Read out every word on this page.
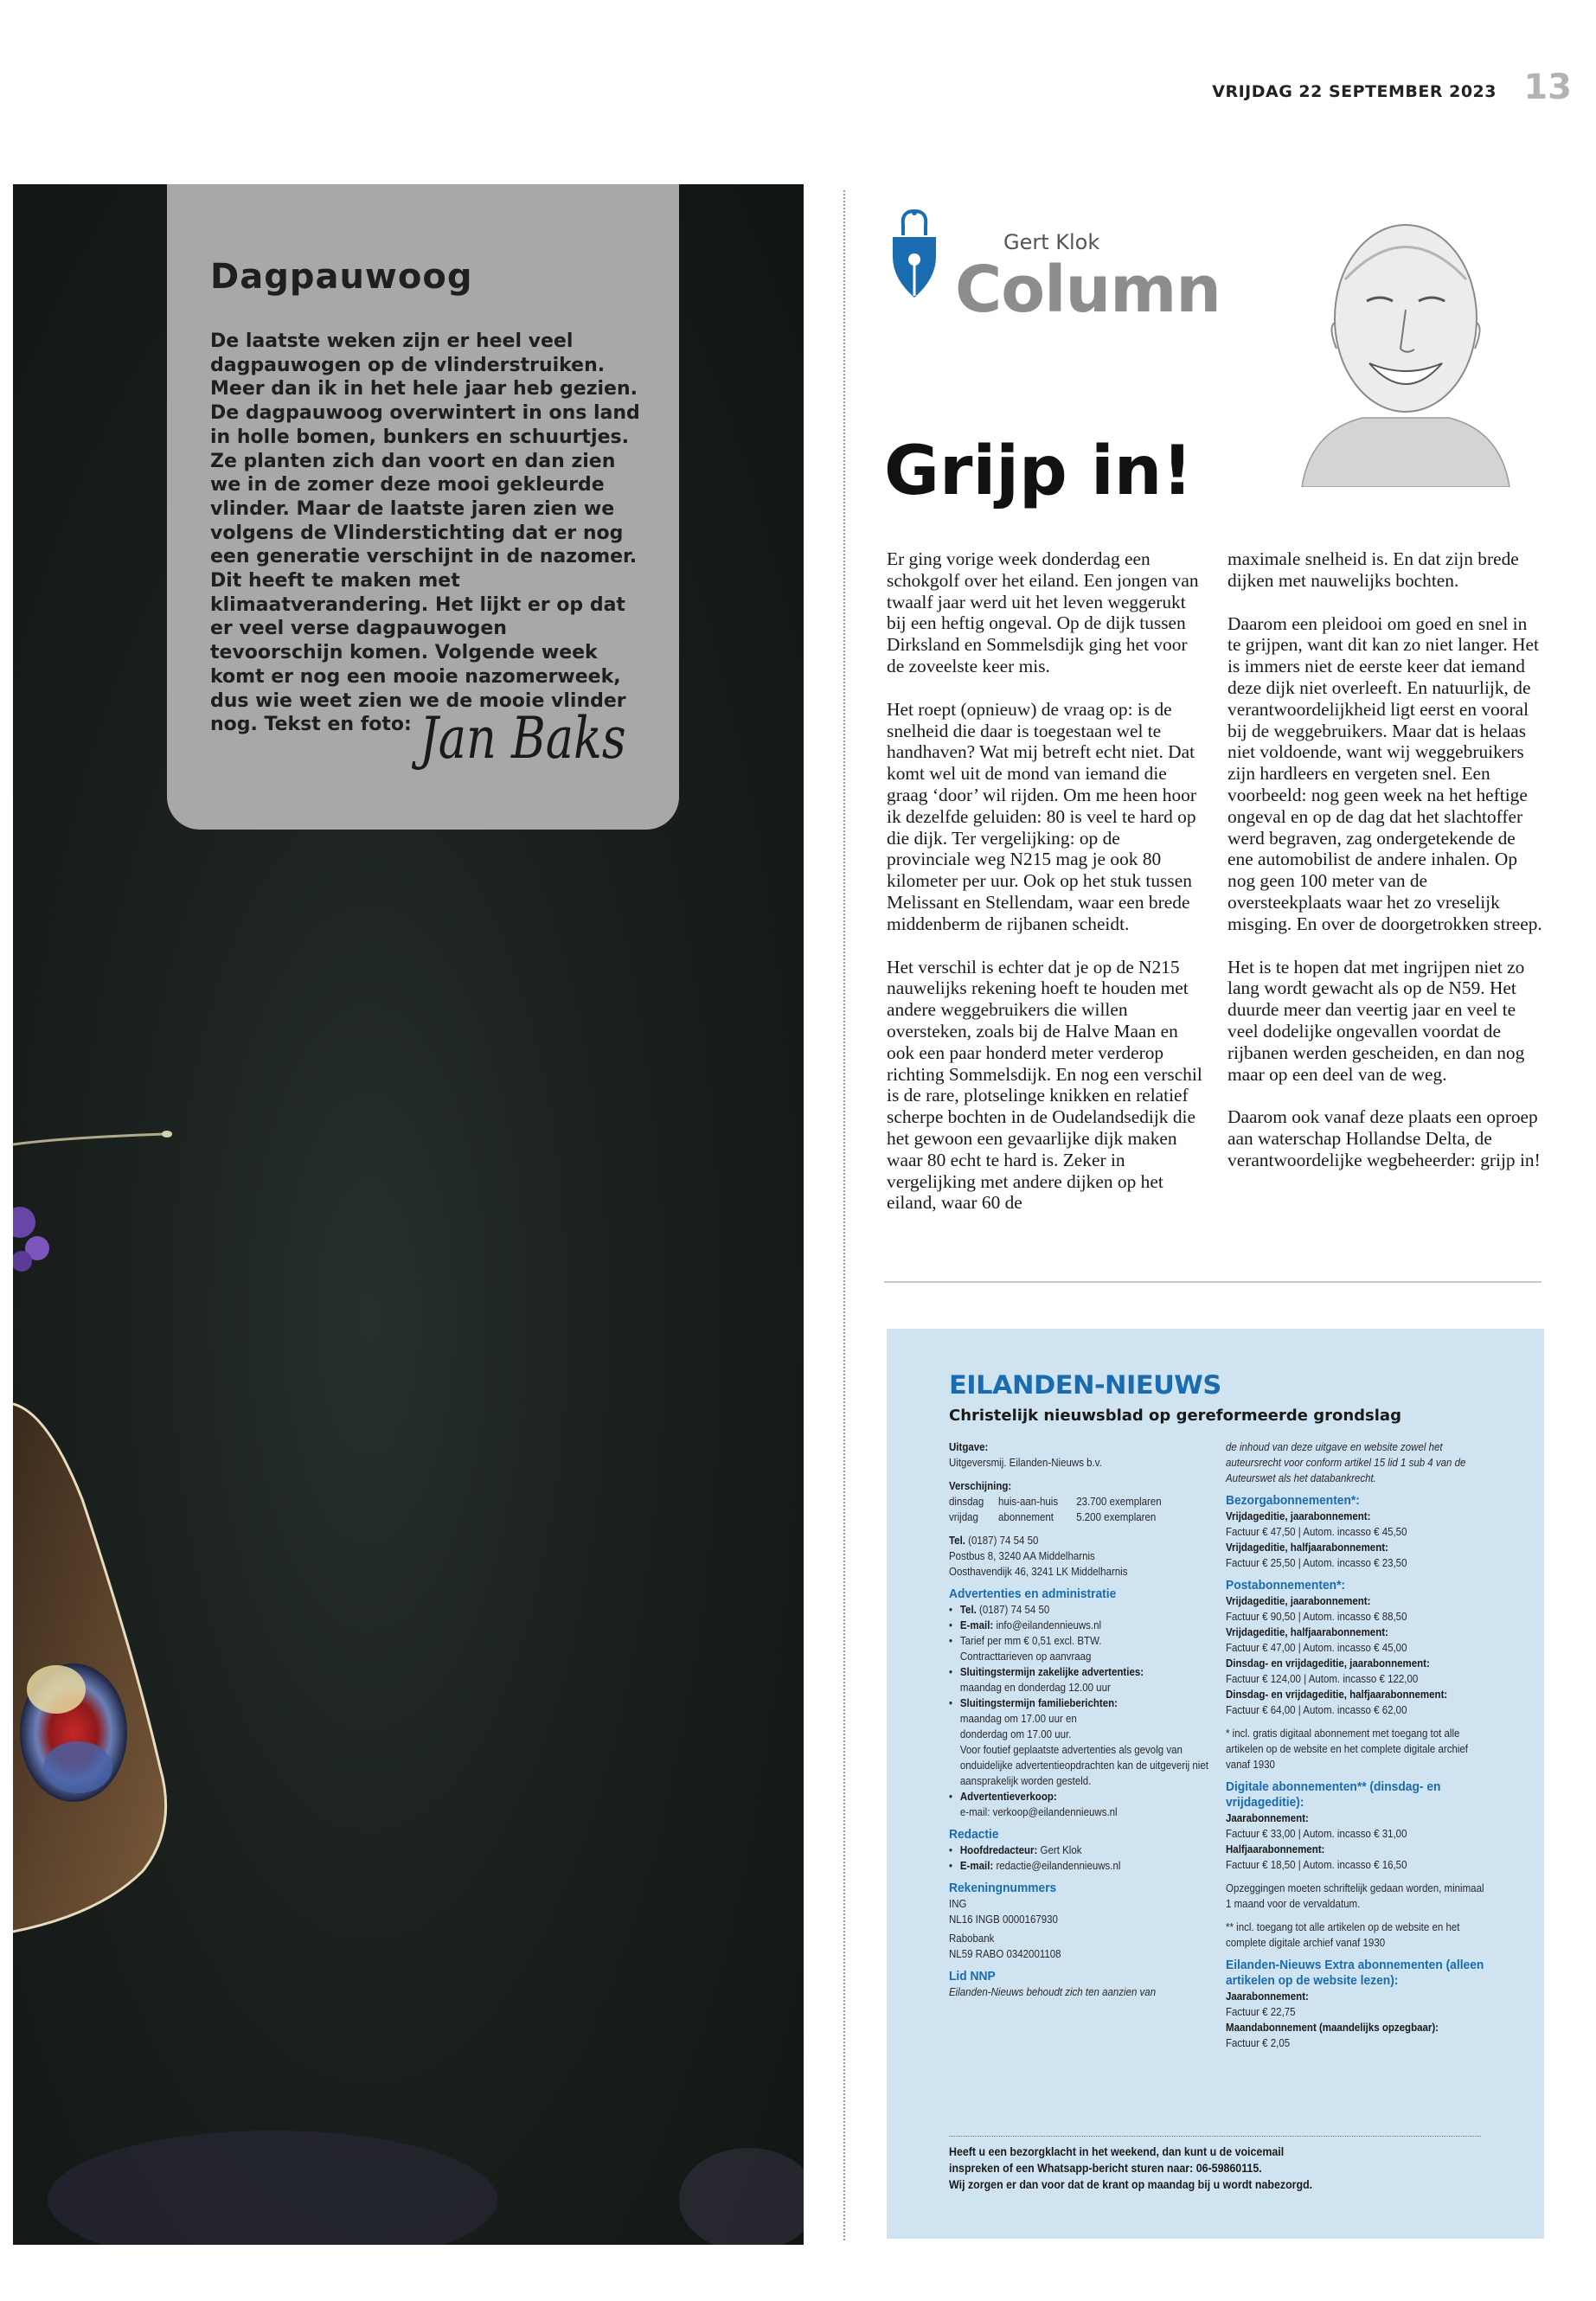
VRIJDAG 22 SEPTEMBER 2023 13
Dagpauwoog
De laatste weken zijn er heel veel dagpauwogen op de vlinderstruiken. Meer dan ik in het hele jaar heb gezien. De dagpauwoog overwintert in ons land in holle bomen, bunkers en schuurtjes. Ze planten zich dan voort en dan zien we in de zomer deze mooi gekleurde vlinder. Maar de laatste jaren zien we volgens de Vlinderstichting dat er nog een generatie verschijnt in de nazomer. Dit heeft te maken met klimaatverandering. Het lijkt er op dat er veel verse dagpauwogen tevoorschijn komen. Volgende week komt er nog een mooie nazomerweek, dus wie weet zien we de mooie vlinder nog. Tekst en foto: Jan Baks
Gert Klok
Column
Grijp in!

Er ging vorige week donderdag een schokgolf over het eiland. Een jongen van twaalf jaar werd uit het leven weggerukt bij een heftig ongeval. Op de dijk tussen Dirksland en Sommelsdijk ging het voor de zoveelste keer mis.

Het roept (opnieuw) de vraag op: is de snelheid die daar is toegestaan wel te handhaven? Wat mij betreft echt niet. Dat komt wel uit de mond van iemand die graag ‘door’ wil rijden. Om me heen hoor ik dezelfde geluiden: 80 is veel te hard op die dijk. Ter vergelijking: op de provinciale weg N215 mag je ook 80 kilometer per uur. Ook op het stuk tussen Melissant en Stellendam, waar een brede middenberm de rijbanen scheidt.

Het verschil is echter dat je op de N215 nauwelijks rekening hoeft te houden met andere weggebruikers die willen oversteken, zoals bij de Halve Maan en ook een paar honderd meter verderop richting Sommelsdijk. En nog een verschil is de rare, plotselinge knikken en relatief scherpe bochten in de Oudelandsedijk die het gewoon een gevaarlijke dijk maken waar 80 echt te hard is. Zeker in vergelijking met andere dijken op het eiland, waar 60 de

maximale snelheid is. En dat zijn brede dijken met nauwelijks bochten.

Daarom een pleidooi om goed en snel in te grijpen, want dit kan zo niet langer. Het is immers niet de eerste keer dat iemand deze dijk niet overleeft. En natuurlijk, de verantwoordelijkheid ligt eerst en vooral bij de weggebruikers. Maar dat is helaas niet voldoende, want wij weggebruikers zijn hardleers en vergeten snel. Een voorbeeld: nog geen week na het heftige ongeval en op de dag dat het slachtoffer werd begraven, zag ondergetekende de ene automobilist de andere inhalen. Op nog geen 100 meter van de oversteekplaats waar het zo vreselijk misging. En over de doorgetrokken streep.

Het is te hopen dat met ingrijpen niet zo lang wordt gewacht als op de N59. Het duurde meer dan veertig jaar en veel te veel dodelijke ongevallen voordat de rijbanen werden gescheiden, en dan nog maar op een deel van de weg.

Daarom ook vanaf deze plaats een oproep aan waterschap Hollandse Delta, de verantwoordelijke wegbeheerder: grijp in!

EILANDEN-NIEUWS
Christelijk nieuwsblad op gereformeerde grondslag
Uitgave:
Uitgeversmij. Eilanden-Nieuws b.v.
Verschijning:
dinsdag huis-aan-huis 23.700 exemplaren
vrijdag abonnement 5.200 exemplaren
Tel. (0187) 74 54 50
Postbus 8, 3240 AA Middelharnis
Oosthavendijk 46, 3241 LK Middelharnis
Advertenties en administratie
• Tel. (0187) 74 54 50
• E-mail: info@eilandennieuws.nl
• Tarief per mm € 0,51 excl. BTW.
Contracttarieven op aanvraag
• Sluitingstermijn zakelijke advertenties:
maandag en donderdag 12.00 uur
• Sluitingstermijn familieberichten:
maandag om 17.00 uur en
donderdag om 17.00 uur.
Voor foutief geplaatste advertenties als gevolg van onduidelijke advertentieopdrachten kan de uitgeverij niet aansprakelijk worden gesteld.
• Advertentieverkoop:
e-mail: verkoop@eilandennieuws.nl
Redactie
• Hoofdredacteur: Gert Klok
• E-mail: redactie@eilandennieuws.nl
Rekeningnummers
ING
NL16 INGB 0000167930
Rabobank
NL59 RABO 0342001108
Lid NNP
Eilanden-Nieuws behoudt zich ten aanzien van
de inhoud van deze uitgave en website zowel het auteursrecht voor conform artikel 15 lid 1 sub 4 van de Auteurswet als het databankrecht.
Bezorgabonnementen*:
Vrijdageditie, jaarabonnement:
Factuur € 47,50 | Autom. incasso € 45,50
Vrijdageditie, halfjaarabonnement:
Factuur € 25,50 | Autom. incasso € 23,50
Postabonnementen*:
Vrijdageditie, jaarabonnement:
Factuur € 90,50 | Autom. incasso € 88,50
Vrijdageditie, halfjaarabonnement:
Factuur € 47,00 | Autom. incasso € 45,00
Dinsdag- en vrijdageditie, jaarabonnement:
Factuur € 124,00 | Autom. incasso € 122,00
Dinsdag- en vrijdageditie, halfjaarabonnement:
Factuur € 64,00 | Autom. incasso € 62,00
* incl. gratis digitaal abonnement met toegang tot alle artikelen op de website en het complete digitale archief vanaf 1930
Digitale abonnementen** (dinsdag- en vrijdageditie):
Jaarabonnement:
Factuur € 33,00 | Autom. incasso € 31,00
Halfjaarabonnement:
Factuur € 18,50 | Autom. incasso € 16,50
Opzeggingen moeten schriftelijk gedaan worden, minimaal 1 maand voor de vervaldatum.
** incl. toegang tot alle artikelen op de website en het complete digitale archief vanaf 1930
Eilanden-Nieuws Extra abonnementen (alleen artikelen op de website lezen):
Jaarabonnement:
Factuur € 22,75
Maandabonnement (maandelijks opzegbaar):
Factuur € 2,05
Heeft u een bezorgklacht in het weekend, dan kunt u de voicemail
inspreken of een Whatsapp-bericht sturen naar: 06-59860115.
Wij zorgen er dan voor dat de krant op maandag bij u wordt nabezorgd.
